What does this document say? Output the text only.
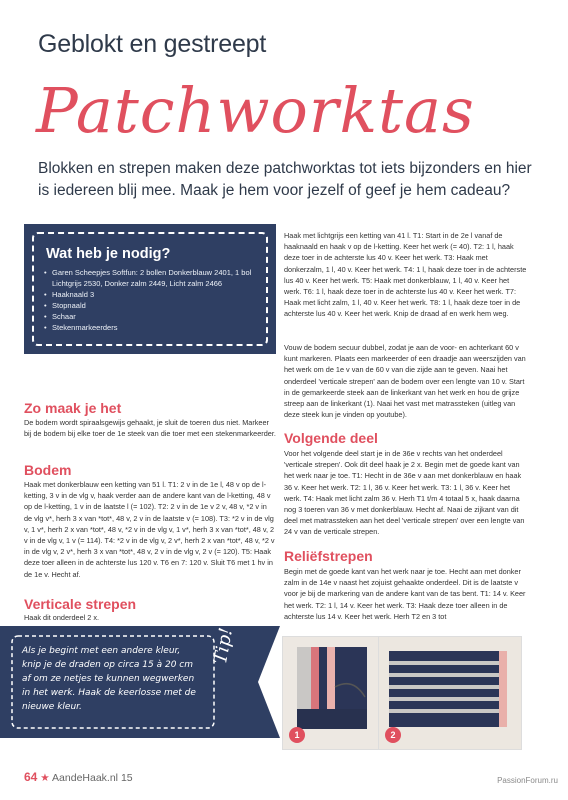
Geblokt en gestreept
Patchworktas
Blokken en strepen maken deze patchworktas tot iets bijzonders en hier is iedereen blij mee. Maak je hem voor jezelf of geef je hem cadeau?
Wat heb je nodig?
• Garen Scheepjes Softfun: 2 bollen Donkerblauw 2401, 1 bol Lichtgrijs 2530, Donker zalm 2449, Licht zalm 2466
• Haaknaald 3
• Stopnaald
• Schaar
• Stekenmarkeerders
Zo maak je het
De bodem wordt spiraalsgewijs gehaakt, je sluit de toeren dus niet. Markeer bij de bodem bij elke toer de 1e steek van die toer met een stekenmarkeerder.
Bodem
Haak met donkerblauw een ketting van 51 l. T1: 2 v in de 1e l, 48 v op de l-ketting, 3 v in de vlg v, haak verder aan de andere kant van de l-ketting, 48 v op de l-ketting, 1 v in de laatste l (= 102). T2: 2 v in de 1e v 2 v, 48 v, *2 v in de vlg v*, herh 3 x van *tot*, 48 v, 2 v in de laatste v (= 108). T3: *2 v in de vlg v, 1 v*, herh 2 x van *tot*, 48 v, *2 v in de vlg v, 1 v*, herh 3 x van *tot*, 48 v, 2 v in de vlg v, 1 v (= 114). T4: *2 v in de vlg v, 2 v*, herh 2 x van *tot*, 48 v, *2 v in de vlg v, 2 v*, herh 3 x van *tot*, 48 v, 2 v in de vlg v, 2 v (= 120). T5: Haak deze toer alleen in de achterste lus 120 v. T6 en 7: 120 v. Sluit T6 met 1 hv in de 1e v. Hecht af.
Verticale strepen
Haak dit onderdeel 2 x.
Haak met lichtgrijs een ketting van 41 l. T1: Start in de 2e l vanaf de haaknaald en haak v op de l-ketting. Keer het werk (= 40). T2: 1 l, haak deze toer in de achterste lus 40 v. Keer het werk. T3: Haak met donkerzalm, 1 l, 40 v. Keer het werk. T4: 1 l, haak deze toer in de achterste lus 40 v. Keer het werk. T5: Haak met donkerblauw, 1 l, 40 v. Keer het werk. T6: 1 l, haak deze toer in de achterste lus 40 v. Keer het werk. T7: Haak met licht zalm, 1 l, 40 v. Keer het werk. T8: 1 l, haak deze toer in de achterste lus 40 v. Keer het werk. Knip de draad af en werk hem weg.
Vouw de bodem secuur dubbel, zodat je aan de voor- en achterkant 60 v kunt markeren. Plaats een markeerder of een draadje aan weerszijden van het werk om de 1e v van de 60 v van die zijde aan te geven. Naai het onderdeel 'verticale strepen' aan de bodem over een lengte van 10 v. Start in de gemarkeerde steek aan de linkerkant van het werk en hou de grijze streep aan de linkerkant (1). Naai het vast met matrassteken (uitleg van deze steek kun je vinden op youtube).
Volgende deel
Voor het volgende deel start je in de 36e v rechts van het onderdeel 'verticale strepen'. Ook dit deel haak je 2 x. Begin met de goede kant van het werk naar je toe. T1: Hecht in de 36e v aan met donkerblauw en haak 36 v. Keer het werk. T2: 1 l, 36 v. Keer het werk. T3: 1 l, 36 v. Keer het werk. T4: Haak met licht zalm 36 v. Herh T1 t/m 4 totaal 5 x, haak daarna nog 3 toeren van 36 v met donkerblauw. Hecht af. Naai de zijkant van dit deel met matrassteken aan het deel 'verticale strepen' over een lengte van 24 v van de verticale strepen.
Reliëfstrepen
Begin met de goede kant van het werk naar je toe. Hecht aan met donker zalm in de 14e v naast het zojuist gehaakte onderdeel. Dit is de laatste v voor je bij de markering van de andere kant van de tas bent. T1: 14 v. Keer het werk. T2: 1 l, 14 v. Keer het werk. T3: Haak deze toer alleen in de achterste lus 14 v. Keer het werk. Herh T2 en 3 tot
Als je begint met een andere kleur, knip je de draden op circa 15 à 20 cm af om ze netjes te kunnen wegwerken in het werk. Haak de keerlosse met de nieuwe kleur.
Tip!
1	2
64 ★ AandeHaak.nl 15	PassionForum.ru
